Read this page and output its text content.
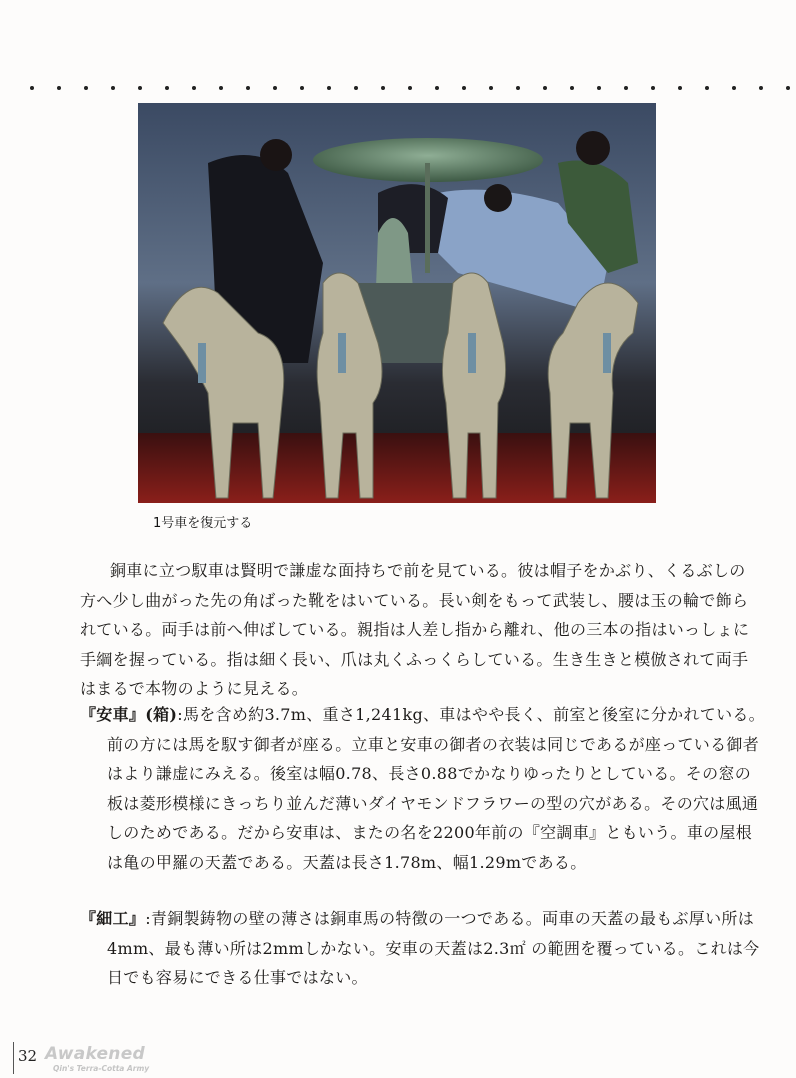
1号車を復元する

銅車に立つ馭車は賢明で謙虚な面持ちで前を見ている。彼は帽子をかぶり、くるぶしの方へ少し曲がった先の角ばった靴をはいている。長い剣をもって武装し、腰は玉の輪で飾られている。両手は前へ伸ばしている。親指は人差し指から離れ、他の三本の指はいっしょに手綱を握っている。指は細く長い、爪は丸くふっくらしている。生き生きと模倣されて両手はまるで本物のように見える。

『安車』(箱):馬を含め約3.7m、重さ1,241kg、車はやや長く、前室と後室に分かれている。前の方には馬を馭す御者が座る。立車と安車の御者の衣装は同じであるが座っている御者はより謙虚にみえる。後室は幅0.78、長さ0.88でかなりゆったりとしている。その窓の板は菱形模様にきっちり並んだ薄いダイヤモンドフラワーの型の穴がある。その穴は風通しのためである。だから安車は、またの名を2200年前の『空調車』ともいう。車の屋根は亀の甲羅の天蓋である。天蓋は長さ1.78m、幅1.29mである。

『細工』:青銅製鋳物の壁の薄さは銅車馬の特徴の一つである。両車の天蓋の最もぶ厚い所は4mm、最も薄い所は2mmしかない。安車の天蓋は2.3㎡ の範囲を覆っている。これは今日でも容易にできる仕事ではない。

32 Awakened
Qin's Terra-Cotta Army
